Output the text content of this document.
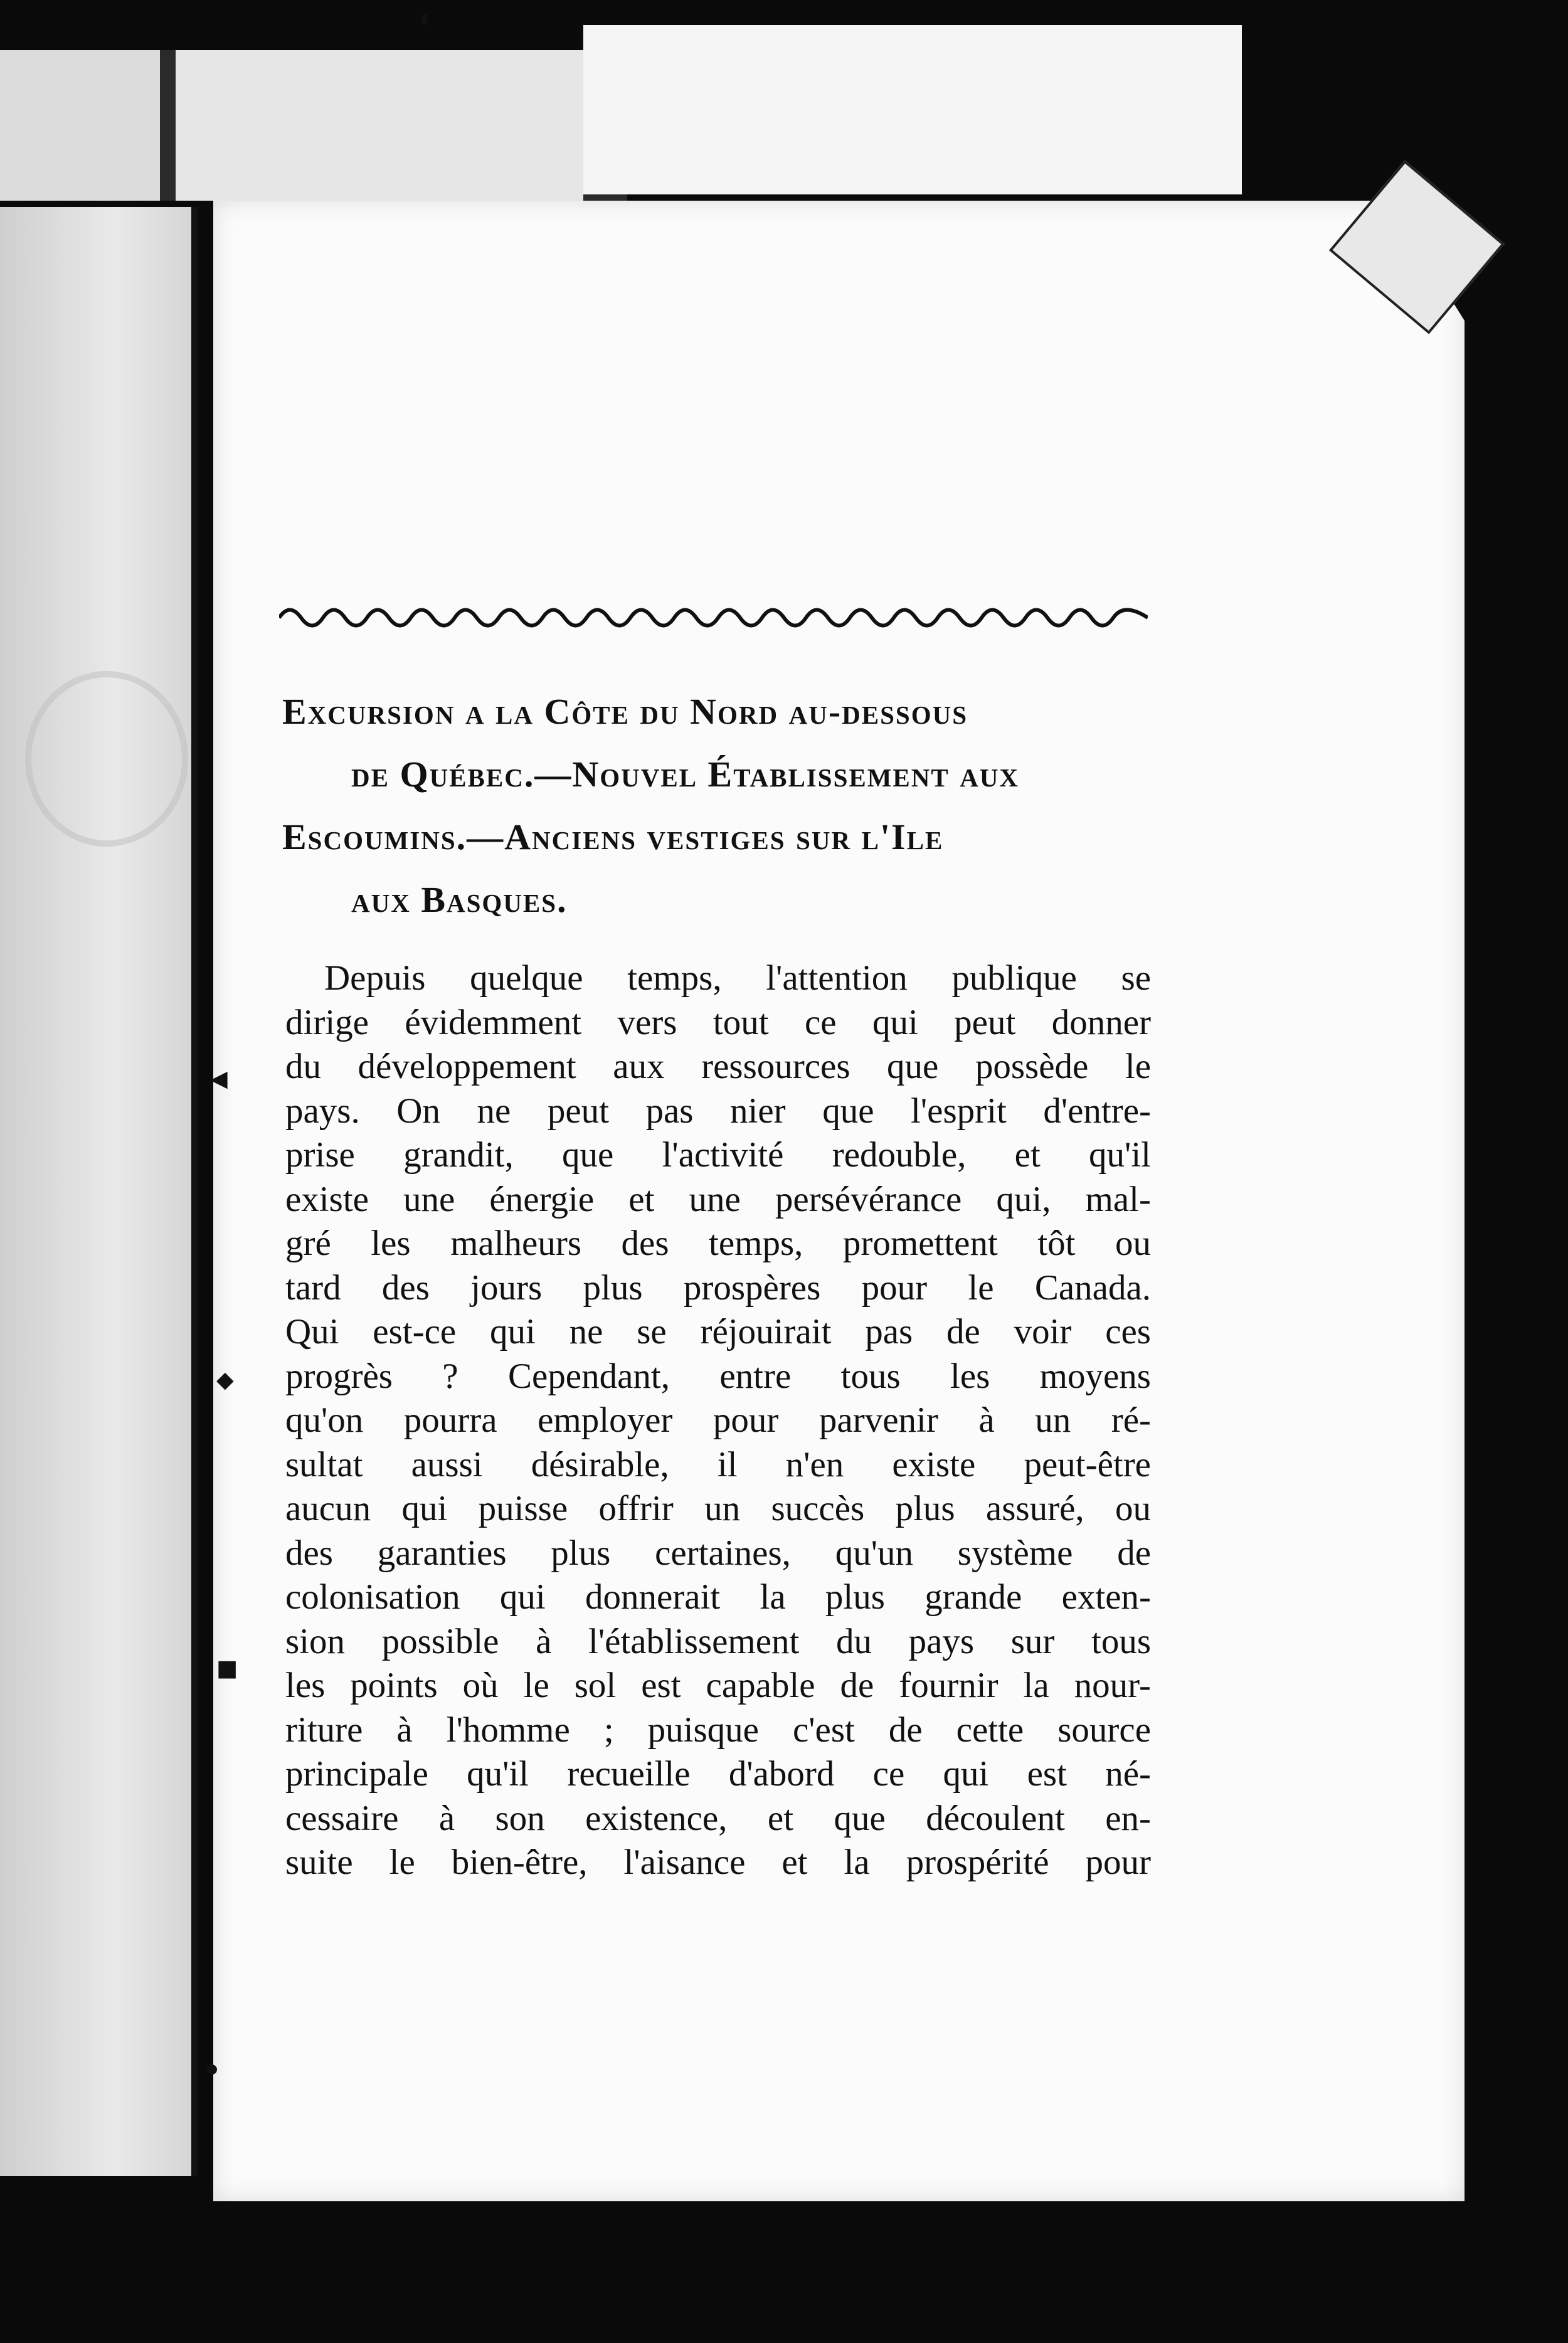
Excursion a la Côte du Nord au-dessous
de Québec.—Nouvel Établissement aux
Escoumins.—Anciens vestiges sur l'Ile
aux Basques.
Depuis quelque temps, l'attention publique se
dirige évidemment vers tout ce qui peut donner
du développement aux ressources que possède le
pays. On ne peut pas nier que l'esprit d'entre-
prise grandit, que l'activité redouble, et qu'il
existe une énergie et une persévérance qui, mal-
gré les malheurs des temps, promettent tôt ou
tard des jours plus prospères pour le Canada.
Qui est-ce qui ne se réjouirait pas de voir ces
progrès ? Cependant, entre tous les moyens
qu'on pourra employer pour parvenir à un ré-
sultat aussi désirable, il n'en existe peut-être
aucun qui puisse offrir un succès plus assuré, ou
des garanties plus certaines, qu'un système de
colonisation qui donnerait la plus grande exten-
sion possible à l'établissement du pays sur tous
les points où le sol est capable de fournir la nour-
riture à l'homme ; puisque c'est de cette source
principale qu'il recueille d'abord ce qui est né-
cessaire à son existence, et que découlent en-
suite le bien-être, l'aisance et la prospérité pour
◀
◆
■
